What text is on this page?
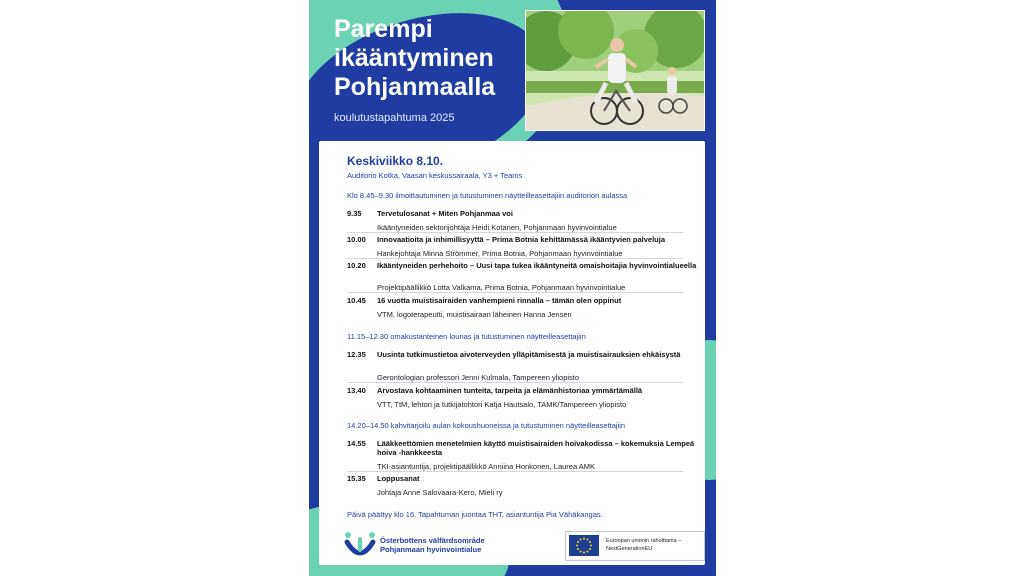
Parempi
ikääntyminen
Pohjanmaalla
koulutustapahtuma 2025
Keskiviikko 8.10.
Auditorio Kotka, Vaasan keskussairaala, Y3 + Teams
Klo 8.45–9.30 ilmoittautuminen ja tutustuminen näytteilleasettajiin auditorion aulassa
9.35 Tervetulosanat + Miten Pohjanmaa voi
Ikääntyneiden sektorijohtaja Heidi Kotanen, Pohjanmaan hyvinvointialue
10.00 Innovaatioita ja inhimillisyyttä – Prima Botnia kehittämässä ikääntyvien palveluja
Hankejohtaja Minna Strömmer, Prima Botnia, Pohjanmaan hyvinvointialue
10.20 Ikääntyneiden perhehoito – Uusi tapa tukea ikääntyneitä omaishoitajia hyvinvointialueella
Projektipäällikkö Lotta Valkama, Prima Botnia, Pohjanmaan hyvinvointialue
10.45 16 vuotta muistisairaiden vanhempieni rinnalla – tämän olen oppinut
VTM, logoterapeutti, muistisairaan läheinen Hanna Jensen
11.15–12.30 omakustanteinen lounas ja tutustuminen näytteilleasettajiin
12.35 Uusinta tutkimustietoa aivoterveyden ylläpitämisestä ja muistisairauksien ehkäisystä
Gerontologian professori Jenni Kulmala, Tampereen yliopisto
13.40 Arvostava kohtaaminen tunteita, tarpeita ja elämänhistoriaa ymmärtämällä
VTT, TtM, lehtori ja tutkijatohtori Katja Hautsalo, TAMK/Tampereen yliopisto
14.20–14.50 kahvitarjoilu aulan kokoushuoneissa ja tutustuminen näytteilleasettajiin
14.55 Lääkkeettömien menetelmien käyttö muistisairaiden hoivakodissa – kokemuksia Lempeä hoiva -hankkeesta
TKI-asiantuntija, projektipäällikkö Anniina Honkonen, Laurea AMK
15.35 Loppusanat
Johtaja Anne Salovaara-Kero, Mieli ry
Päivä päättyy klo 16. Tapahtuman juontaa THT, asiantuntija Pia Vähäkangas.
Österbottens välfärdsområde
Pohjanmaan hyvinvointialue
Euroopan unionin rahoittama –
NextGenerationEU
